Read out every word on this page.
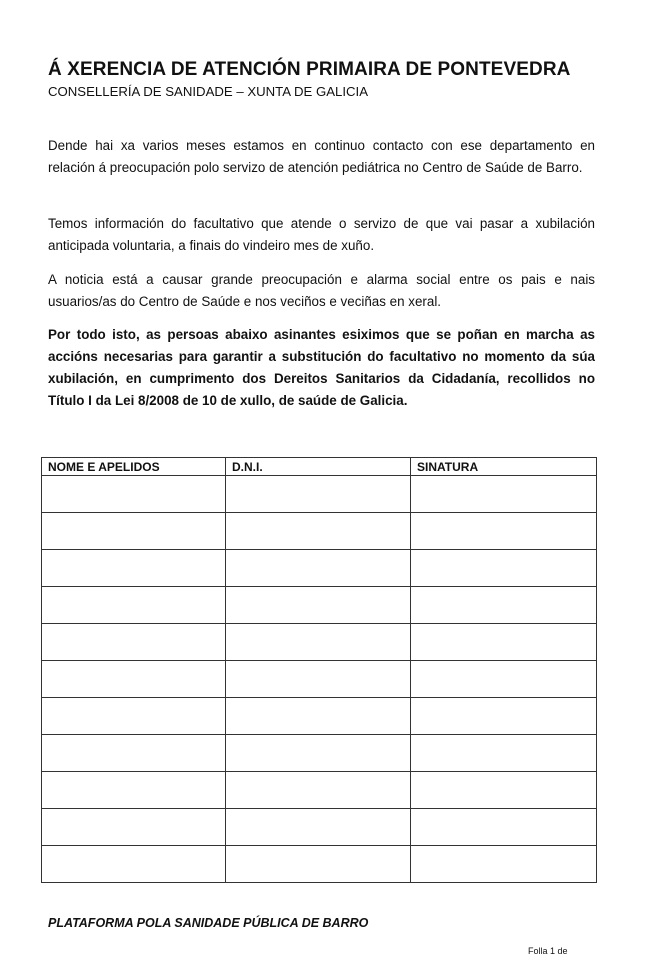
Á XERENCIA DE ATENCIÓN PRIMAIRA DE PONTEVEDRA
CONSELLERÍA DE SANIDADE – XUNTA DE GALICIA

Dende hai xa varios meses estamos en continuo contacto con ese departamento en relación á preocupación polo servizo de atención pediátrica no Centro de Saúde de Barro.

Temos información do facultativo que atende o servizo de que vai pasar a xubilación anticipada voluntaria, a finais do vindeiro mes de xuño.

A noticia está a causar grande preocupación e alarma social entre os pais e nais usuarios/as do Centro de Saúde e nos veciños e veciñas en xeral.

Por todo isto, as persoas abaixo asinantes esiximos que se poñan en marcha as accións necesarias para garantir a substitución do facultativo no momento da súa xubilación, en cumprimento dos Dereitos Sanitarios da Cidadanía, recollidos no Título I da Lei 8/2008 de 10 de xullo, de saúde de Galicia.

NOME E APELIDOS	D.N.I.	SINATURA

PLATAFORMA POLA SANIDADE PÚBLICA DE BARRO
Folla 1 de
